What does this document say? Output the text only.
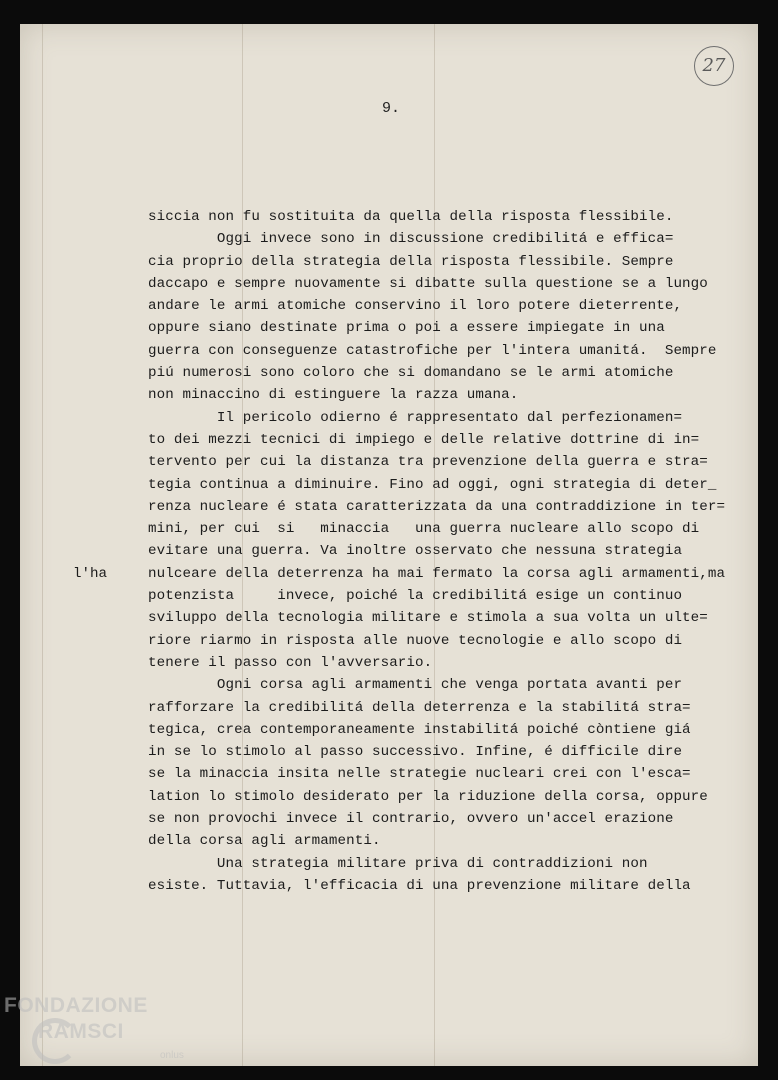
27
9.
siccia non fu sostituita da quella della risposta flessibile.
Oggi invece sono in discussione credibilitá e effica=
cia proprio della strategia della risposta flessibile. Sempre
daccapo e sempre nuovamente si dibatte sulla questione se a lungo
andare le armi atomiche conservino il loro potere dieterrente,
oppure siano destinate prima o poi a essere impiegate in una
guerra con conseguenze catastrofiche per l'intera umanitá.  Sempre
piú numerosi sono coloro che si domandano se le armi atomiche
non minaccino di estinguere la razza umana.
Il pericolo odierno é rappresentato dal perfezionamen=
to dei mezzi tecnici di impiego e delle relative dottrine di in=
tervento per cui la distanza tra prevenzione della guerra e stra=
tegia continua a diminuire. Fino ad oggi, ogni strategia di deter_
renza nucleare é stata caratterizzata da una contraddizione in ter=
mini, per cui  si   minaccia   una guerra nucleare allo scopo di
evitare una guerra. Va inoltre osservato che nessuna strategia
nulceare della deterrenza ha mai fermato la corsa agli armamenti,ma
potenzista     invece, poiché la credibilitá esige un continuo
sviluppo della tecnologia militare e stimola a sua volta un ulte=
riore riarmo in risposta alle nuove tecnologie e allo scopo di
tenere il passo con l'avversario.
Ogni corsa agli armamenti che venga portata avanti per
rafforzare la credibilitá della deterrenza e la stabilitá stra=
tegica, crea contemporaneamente instabilitá poiché còntiene giá
in se lo stimolo al passo successivo. Infine, é difficile dire
se la minaccia insita nelle strategie nucleari crei con l'esca=
lation lo stimolo desiderato per la riduzione della corsa, oppure
se non provochi invece il contrario, ovvero un'accel erazione
della corsa agli armamenti.
Una strategia militare priva di contraddizioni non
esiste. Tuttavia, l'efficacia di una prevenzione militare della
l'ha
FONDAZIONE
RAMSCI
onlus
